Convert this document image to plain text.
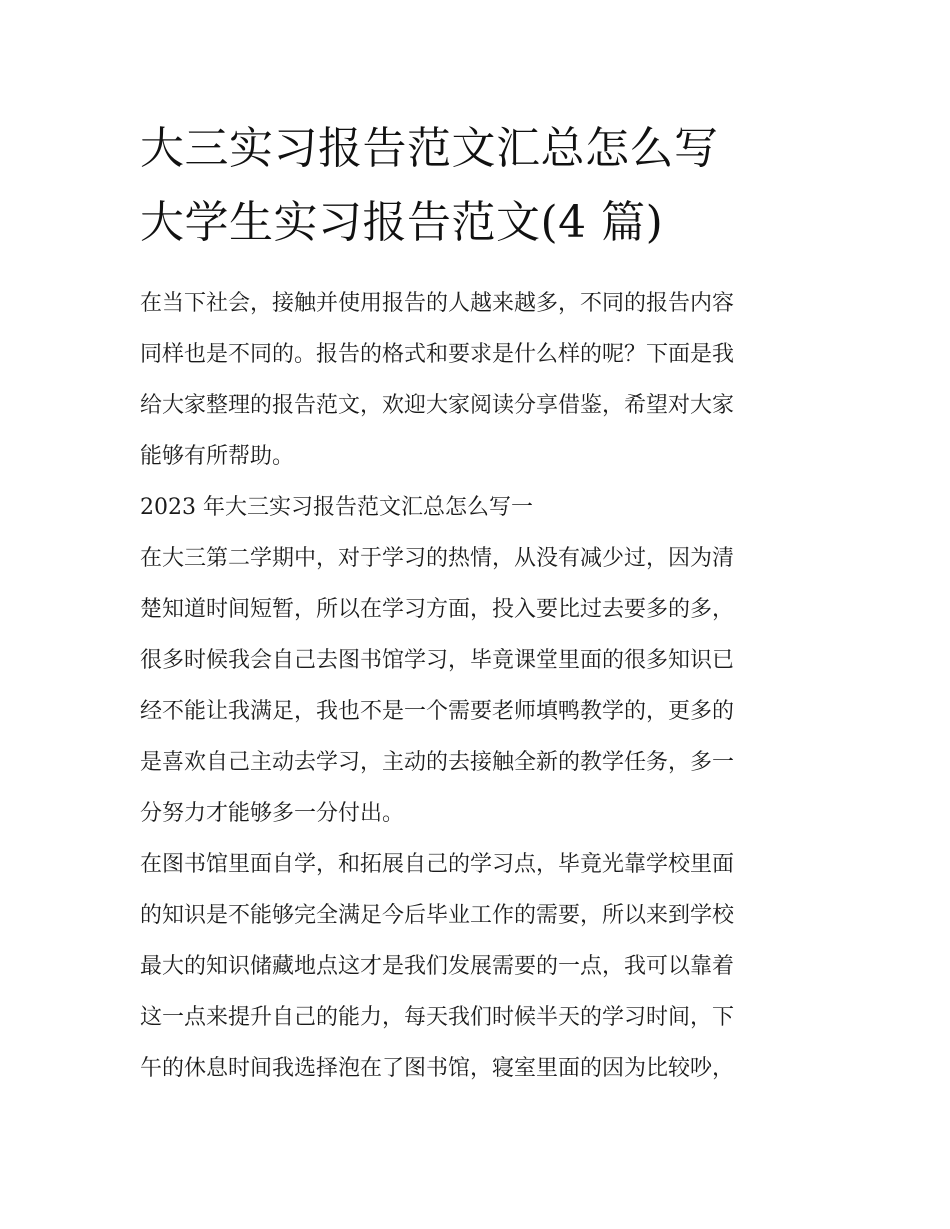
大三实习报告范文汇总怎么写
大学生实习报告范文(4 篇)

在当下社会，接触并使用报告的人越来越多，不同的报告内容
同样也是不同的。报告的格式和要求是什么样的呢？下面是我
给大家整理的报告范文，欢迎大家阅读分享借鉴，希望对大家
能够有所帮助。

2023 年大三实习报告范文汇总怎么写一

在大三第二学期中，对于学习的热情，从没有减少过，因为清
楚知道时间短暂，所以在学习方面，投入要比过去要多的多，
很多时候我会自己去图书馆学习，毕竟课堂里面的很多知识已
经不能让我满足，我也不是一个需要老师填鸭教学的，更多的
是喜欢自己主动去学习，主动的去接触全新的教学任务，多一
分努力才能够多一分付出。

在图书馆里面自学，和拓展自己的学习点，毕竟光靠学校里面
的知识是不能够完全满足今后毕业工作的需要，所以来到学校
最大的知识储藏地点这才是我们发展需要的一点，我可以靠着
这一点来提升自己的能力，每天我们时候半天的学习时间，下
午的休息时间我选择泡在了图书馆，寝室里面的因为比较吵，
